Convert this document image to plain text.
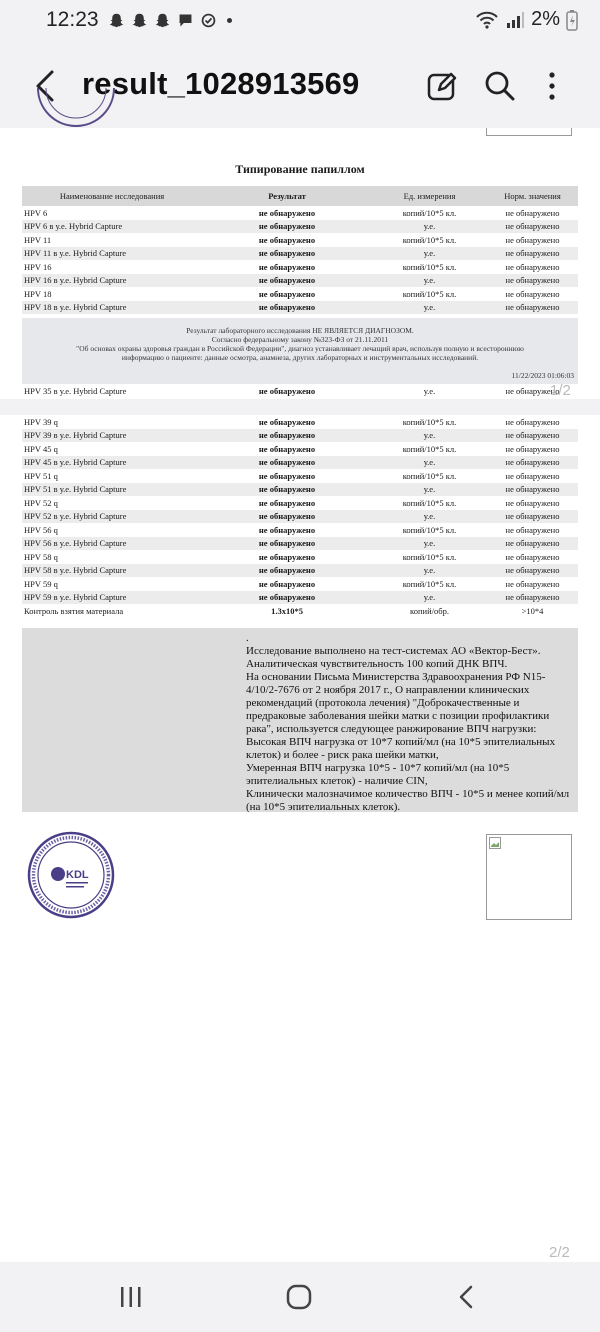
12:23	2%
result_1028913569
Типирование папиллом
Наименование исследования	Результат	Ед. измерения	Норм. значения
HPV 6	не обнаружено	копий/10*5 кл.	не обнаружено
HPV 6 в у.е. Hybrid Capture	не обнаружено	у.е.	не обнаружено
HPV 11	не обнаружено	копий/10*5 кл.	не обнаружено
HPV 11 в у.е. Hybrid Capture	не обнаружено	у.е.	не обнаружено
HPV 16	не обнаружено	копий/10*5 кл.	не обнаружено
HPV 16 в у.е. Hybrid Capture	не обнаружено	у.е.	не обнаружено
HPV 18	не обнаружено	копий/10*5 кл.	не обнаружено
HPV 18 в у.е. Hybrid Capture	не обнаружено	у.е.	не обнаружено
Результат лабораторного исследования НЕ ЯВЛЯЕТСЯ ДИАГНОЗОМ.
Согласно федеральному закону №323-ФЗ от 21.11.2011
"Об основах охраны здоровья граждан в Российской Федерации", диагноз устанавливает лечащий врач, используя полную и всестороннюю
информацию о пациенте: данные осмотра, анамнеза, других лабораторных и инструментальных исследований.
11/22/2023 01:06:03
HPV 35 в у.е. Hybrid Capture	не обнаружено	у.е.	не обнаружено
1/2
HPV 39 q	не обнаружено	копий/10*5 кл.	не обнаружено
HPV 39 в у.е. Hybrid Capture	не обнаружено	у.е.	не обнаружено
HPV 45 q	не обнаружено	копий/10*5 кл.	не обнаружено
HPV 45 в у.е. Hybrid Capture	не обнаружено	у.е.	не обнаружено
HPV 51 q	не обнаружено	копий/10*5 кл.	не обнаружено
HPV 51 в у.е. Hybrid Capture	не обнаружено	у.е.	не обнаружено
HPV 52 q	не обнаружено	копий/10*5 кл.	не обнаружено
HPV 52 в у.е. Hybrid Capture	не обнаружено	у.е.	не обнаружено
HPV 56 q	не обнаружено	копий/10*5 кл.	не обнаружено
HPV 56 в у.е. Hybrid Capture	не обнаружено	у.е.	не обнаружено
HPV 58 q	не обнаружено	копий/10*5 кл.	не обнаружено
HPV 58 в у.е. Hybrid Capture	не обнаружено	у.е.	не обнаружено
HPV 59 q	не обнаружено	копий/10*5 кл.	не обнаружено
HPV 59 в у.е. Hybrid Capture	не обнаружено	у.е.	не обнаружено
Контроль взятия материала	1.3x10*5	копий/обр.	>10*4
.
Исследование выполнено на тест-системах АО «Вектор-Бест».
Аналитическая чувствительность 100 копий ДНК ВПЧ.
На основании Письма Министерства Здравоохранения РФ N15-4/10/2-7676 от 2 ноября 2017 г., О направлении клинических рекомендаций (протокола лечения) "Доброкачественные и предраковые заболевания шейки матки с позиции профилактики рака", используется следующее ранжирование ВПЧ нагрузки:
Высокая ВПЧ нагрузка от 10*7 копий/мл (на 10*5 эпителиальных клеток) и более - риск рака шейки матки,
Умеренная ВПЧ нагрузка 10*5 - 10*7 копий/мл (на 10*5 эпителиальных клеток) - наличие CIN,
Клинически малозначимое количество ВПЧ - 10*5 и менее копий/мл (на 10*5 эпителиальных клеток).
KDL
2/2
